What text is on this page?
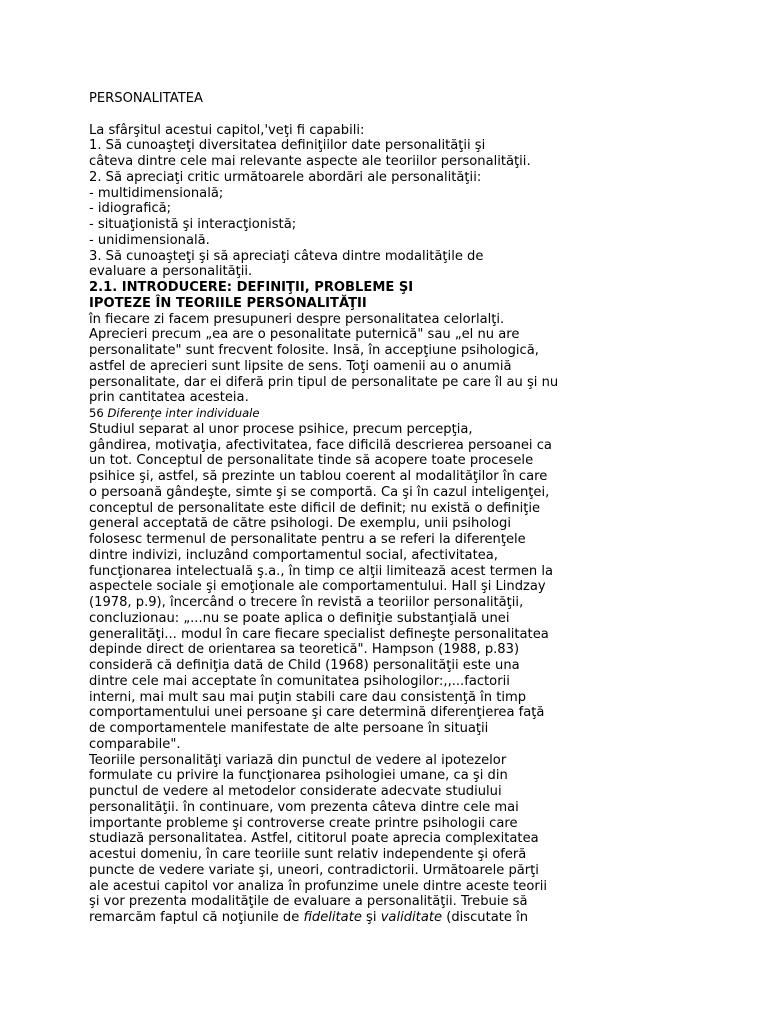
PERSONALITATEA
La sfârşitul acestui capitol,'veţi fi capabili:
1. Să cunoaşteţi diversitatea definiţiilor date personalităţii şi
câteva dintre cele mai relevante aspecte ale teoriilor personalităţii.
2. Să apreciaţi critic următoarele abordări ale personalităţii:
- multidimensională;
- idiografică;
- situaţionistă şi interacţionistă;
- unidimensională.
3. Să cunoaşteţi şi să apreciaţi câteva dintre modalităţile de
evaluare a personalităţii.
2.1. INTRODUCERE: DEFINIŢII, PROBLEME ŞI
IPOTEZE ÎN TEORIILE PERSONALITĂŢII
în fiecare zi facem presupuneri despre personalitatea celorlalţi.
Aprecieri precum „ea are o pesonalitate puternică" sau „el nu are
personalitate" sunt frecvent folosite. Insă, în accepţiune psihologică,
astfel de aprecieri sunt lipsite de sens. Toţi oamenii au o anumiă
personalitate, dar ei diferă prin tipul de personalitate pe care îl au şi nu
prin cantitatea acesteia.
56 Diferenţe inter individuale
Studiul separat al unor procese psihice, precum percepţia,
gândirea, motivaţia, afectivitatea, face dificilă descrierea persoanei ca
un tot. Conceptul de personalitate tinde să acopere toate procesele
psihice şi, astfel, să prezinte un tablou coerent al modalităţilor în care
o persoană gândeşte, simte şi se comportă. Ca şi în cazul inteligenţei,
conceptul de personalitate este dificil de definit; nu există o definiţie
general acceptată de către psihologi. De exemplu, unii psihologi
folosesc termenul de personalitate pentru a se referi la diferenţele
dintre indivizi, incluzând comportamentul social, afectivitatea,
funcţionarea intelectuală ş.a., în timp ce alţii limitează acest termen la
aspectele sociale şi emoţionale ale comportamentului. Hall şi Lindzay
(1978, p.9), încercând o trecere în revistă a teoriilor personalităţii,
concluzionau: „...nu se poate aplica o definiţie substanţială unei
generalităţi... modul în care fiecare specialist defineşte personalitatea
depinde direct de orientarea sa teoretică". Hampson (1988, p.83)
consideră că definiţia dată de Child (1968) personalităţii este una
dintre cele mai acceptate în comunitatea psihologilor:,,...factorii
interni, mai mult sau mai puţin stabili care dau consistenţă în timp
comportamentului unei persoane şi care determină diferenţierea faţă
de comportamentele manifestate de alte persoane în situaţii
comparabile".
Teoriile personalităţi variază din punctul de vedere al ipotezelor
formulate cu privire la funcţionarea psihologiei umane, ca şi din
punctul de vedere al metodelor considerate adecvate studiului
personalităţii. în continuare, vom prezenta câteva dintre cele mai
importante probleme şi controverse create printre psihologii care
studiază personalitatea. Astfel, cititorul poate aprecia complexitatea
acestui domeniu, în care teoriile sunt relativ independente şi oferă
puncte de vedere variate şi, uneori, contradictorii. Următoarele părţi
ale acestui capitol vor analiza în profunzime unele dintre aceste teorii
şi vor prezenta modalităţile de evaluare a personalităţii. Trebuie să
remarcăm faptul că noţiunile de fidelitate şi validitate (discutate în
